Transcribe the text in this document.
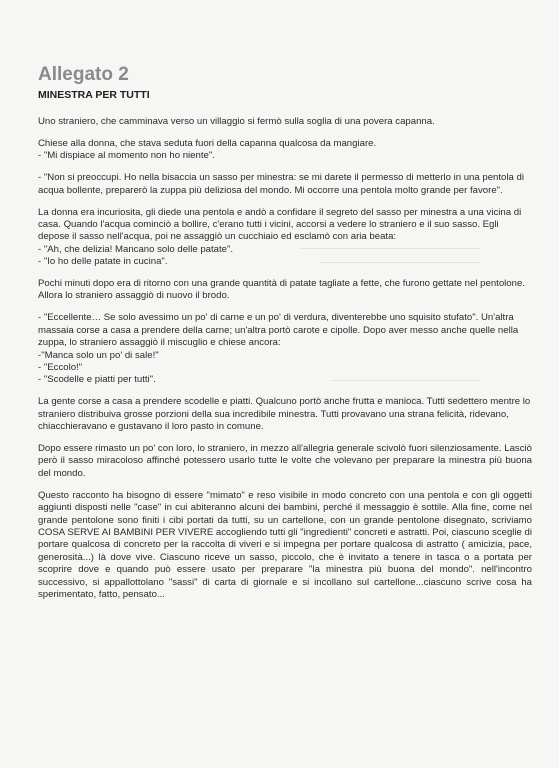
Allegato 2
MINESTRA PER TUTTI

Uno straniero, che camminava verso un villaggio si fermò sulla soglia di una povera capanna.

Chiese alla donna, che stava seduta fuori della capanna qualcosa da mangiare.
- "Mi dispiace al momento non ho niente".

- "Non si preoccupi. Ho nella bisaccia un sasso per minestra: se mi darete il permesso di metterlo in una pentola di acqua bollente, preparerò la zuppa più deliziosa del mondo. Mi occorre una pentola molto grande per favore".

La donna era incuriosita, gli diede una pentola e andò a confidare il segreto del sasso per minestra a una vicina di casa. Quando l'acqua cominciò a bollire, c'erano tutti i vicini, accorsi a vedere lo straniero e il suo sasso. Egli depose il sasso nell'acqua, poi ne assaggiò un cucchiaio ed esclamò con aria beata:
- "Ah, che delizia! Mancano solo delle patate".
- "Io ho delle patate in cucina".

Pochi minuti dopo era di ritorno con una grande quantità di patate tagliate a fette, che furono gettate nel pentolone. Allora lo straniero assaggiò di nuovo il brodo.

- "Eccellente… Se solo avessimo un po' di carne e un po' di verdura, diventerebbe uno squisito stufato". Un'altra massaia corse a casa a prendere della carne; un'altra portò carote e cipolle. Dopo aver messo anche quelle nella zuppa, lo straniero assaggiò il miscuglio e chiese ancora:
-"Manca solo un po' di sale!"
- "Eccolo!"
- "Scodelle e piatti per tutti".

La gente corse a casa a prendere scodelle e piatti. Qualcuno portò anche frutta e manioca. Tutti sedettero mentre lo straniero distribuiva grosse porzioni della sua incredibile minestra. Tutti provavano una strana felicità, ridevano, chiacchieravano e gustavano il loro pasto in comune.

Dopo essere rimasto un po' con loro, lo straniero, in mezzo all'allegria generale scivolò fuori silenziosamente. Lasciò però il sasso miracoloso affinché potessero usarlo tutte le volte che volevano per preparare la minestra più buona del mondo.

Questo racconto ha bisogno di essere "mimato" e reso visibile in modo concreto con una pentola e con gli oggetti aggiunti disposti nelle "case" in cui abiteranno alcuni dei bambini, perché il messaggio è sottile. Alla fine, come nel grande pentolone sono finiti i cibi portati da tutti, su un cartellone, con un grande pentolone disegnato, scriviamo COSA SERVE AI BAMBINI PER VIVERE accogliendo tutti gli "ingredienti" concreti e astratti. Poi, ciascuno sceglie di portare qualcosa di concreto per la raccolta di viveri e si impegna per portare qualcosa di astratto ( amicizia, pace, generosità...) là dove vive. Ciascuno riceve un sasso, piccolo, che è invitato a tenere in tasca o a portata per scoprire dove e quando può essere usato per preparare "la minestra più buona del mondo". nell'incontro successivo, si appallottolano "sassi" di carta di giornale e si incollano sul cartellone...ciascuno scrive cosa ha sperimentato, fatto, pensato...
